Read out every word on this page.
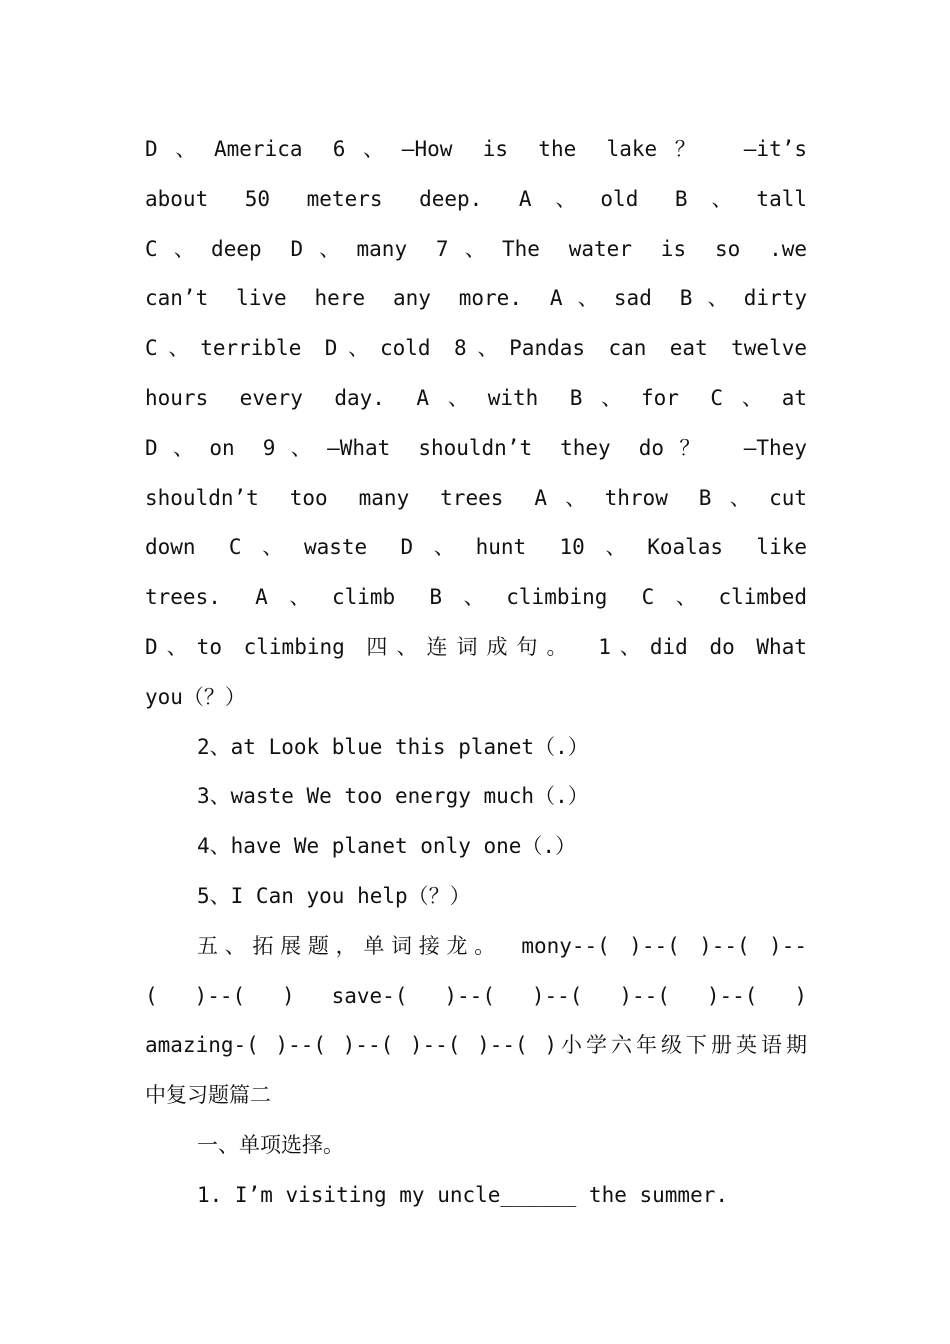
D、America 6、—How is the lake？ —it’s
about 50 meters deep. A、old B、tall
C、deep D、many 7、The water is so .we
can’t live here any more. A、sad B、dirty
C、terrible D、cold 8、Pandas can eat twelve
hours every day. A、with B、for C、at
D、on 9、—What shouldn’t they do？ —They
shouldn’t too many trees A、throw B、cut
down C、waste D、hunt 10、Koalas like
trees. A、climb B、climbing C、climbed
D、to climbing 四、连词成句。 1、did do What
you（？）
2、at Look blue this planet（.）
3、waste We too energy much（.）
4、have We planet only one（.）
5、I Can you help（？）
五、拓展题，单词接龙。 mony--( )--( )--( )--
( )--( ) save-( )--( )--( )--( )--( )
amazing-( )--( )--( )--( )--( )小学六年级下册英语期
中复习题篇二
一、单项选择。
1. I’m visiting my uncle______ the summer.
